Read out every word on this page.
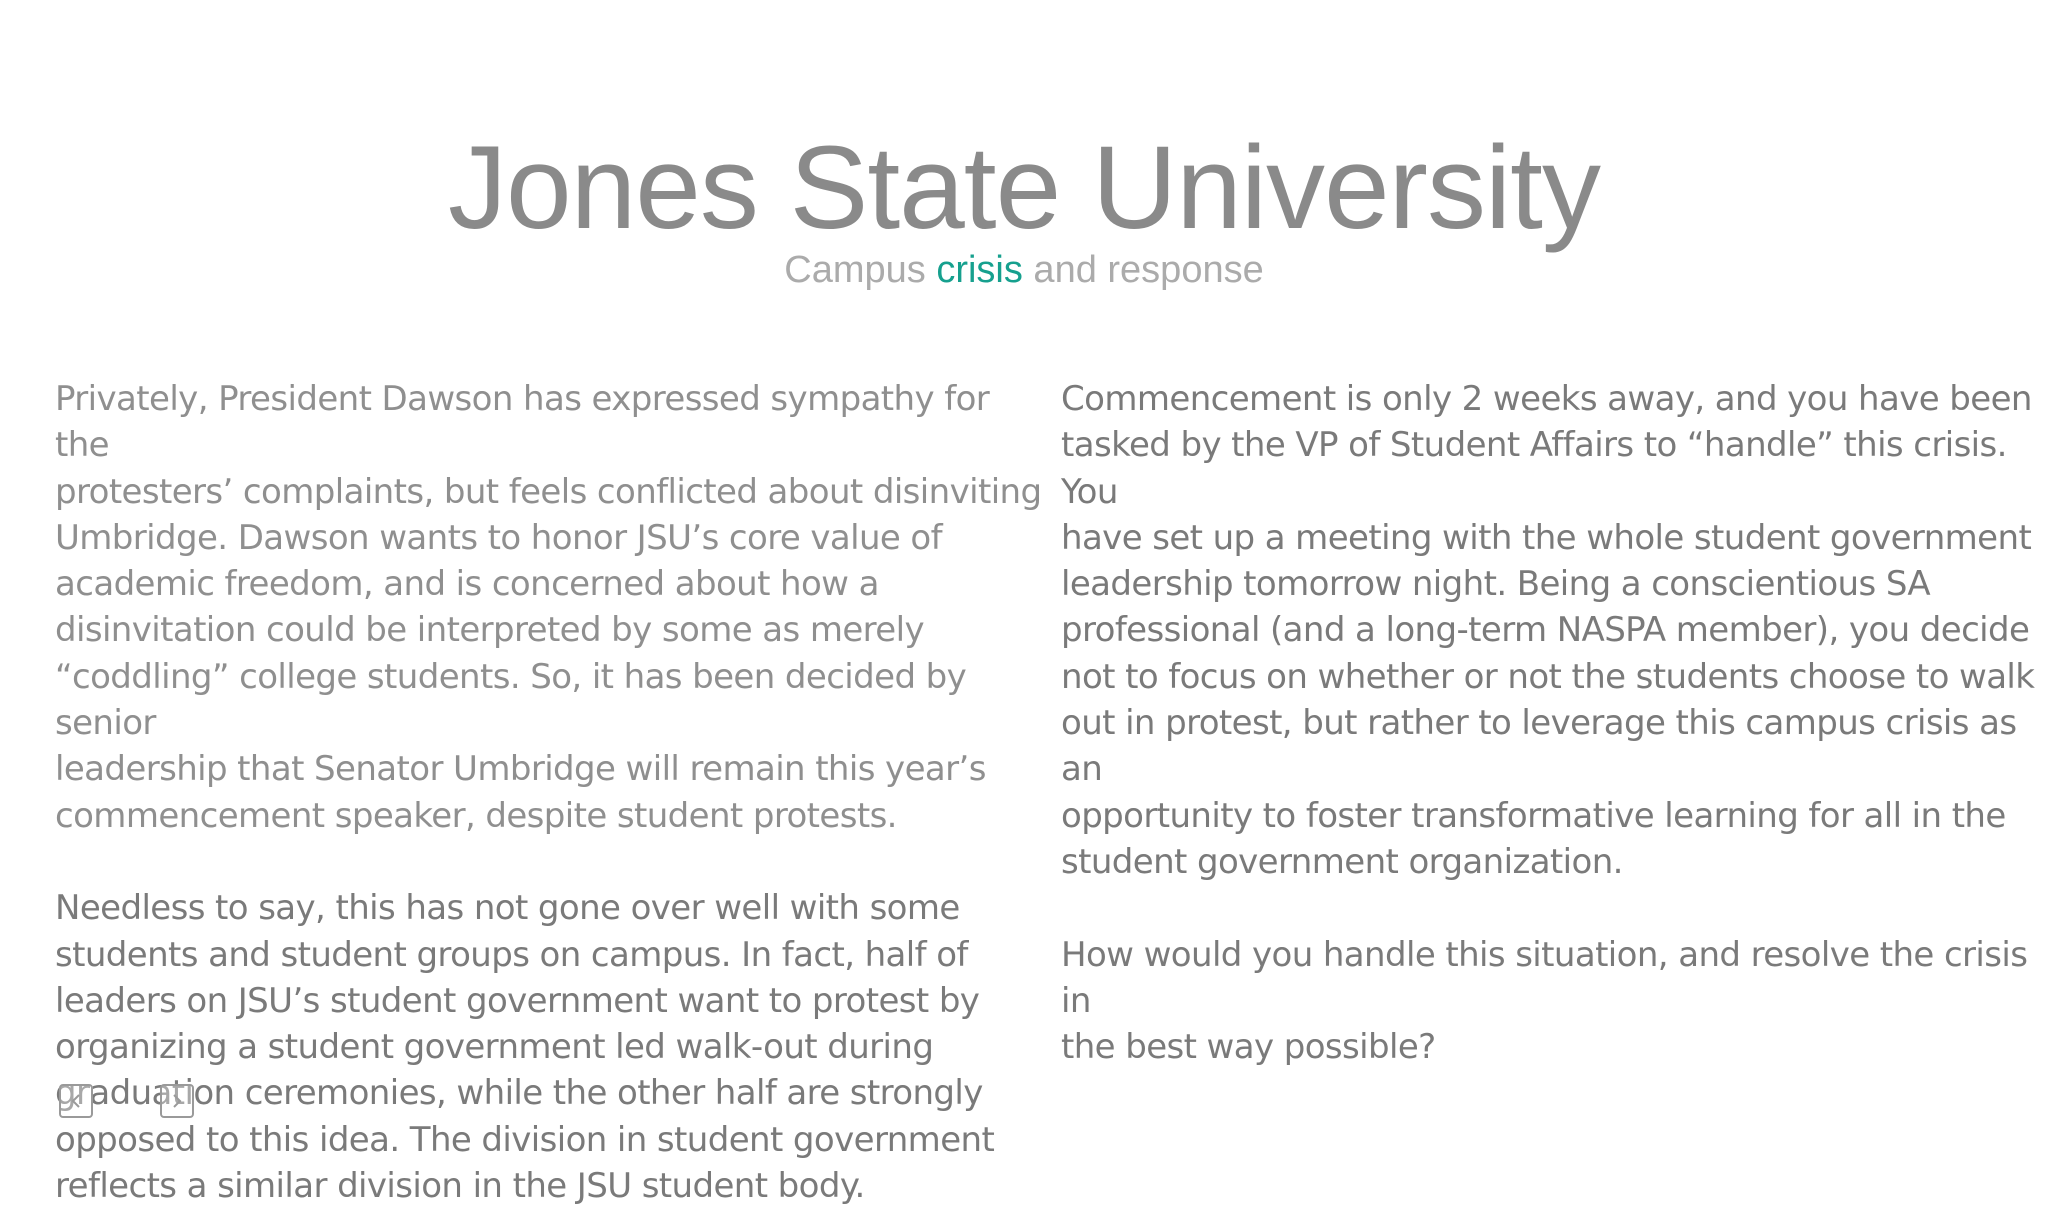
Jones State University
Campus crisis and response

Privately, President Dawson has expressed sympathy for the
protesters’ complaints, but feels conflicted about disinviting
Umbridge. Dawson wants to honor JSU’s core value of
academic freedom, and is concerned about how a
disinvitation could be interpreted by some as merely
“coddling” college students. So, it has been decided by senior
leadership that Senator Umbridge will remain this year’s
commencement speaker, despite student protests.

Needless to say, this has not gone over well with some
students and student groups on campus. In fact, half of
leaders on JSU’s student government want to protest by
organizing a student government led walk-out during
graduation ceremonies, while the other half are strongly
opposed to this idea. The division in student government
reflects a similar division in the JSU student body.

Commencement is only 2 weeks away, and you have been
tasked by the VP of Student Affairs to “handle” this crisis. You
have set up a meeting with the whole student government
leadership tomorrow night. Being a conscientious SA
professional (and a long-term NASPA member), you decide
not to focus on whether or not the students choose to walk
out in protest, but rather to leverage this campus crisis as an
opportunity to foster transformative learning for all in the
student government organization.

How would you handle this situation, and resolve the crisis in
the best way possible?
